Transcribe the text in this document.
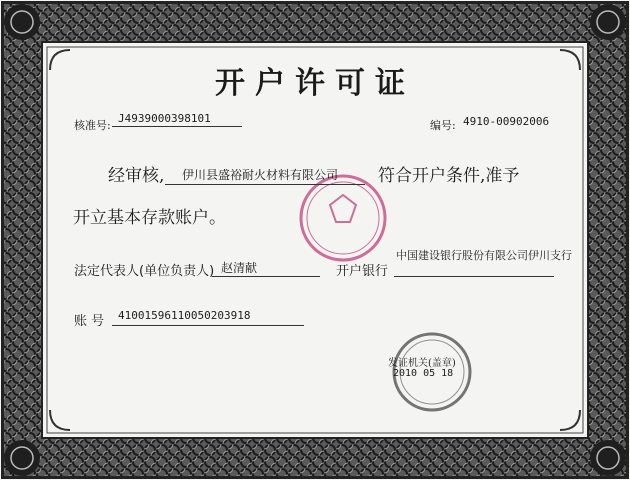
开户许可证
核准号:
J4939000398101
编号: 4910-00902006
经审核, 伊川县盛裕耐火材料有限公司 符合开户条件,准予
开立基本存款账户。
法定代表人(单位负责人) 赵清献	开户银行
中国建设银行股份有限公司伊川支行
账 号 41001596110050203918
发证机关(盖章)
2010 05 18
